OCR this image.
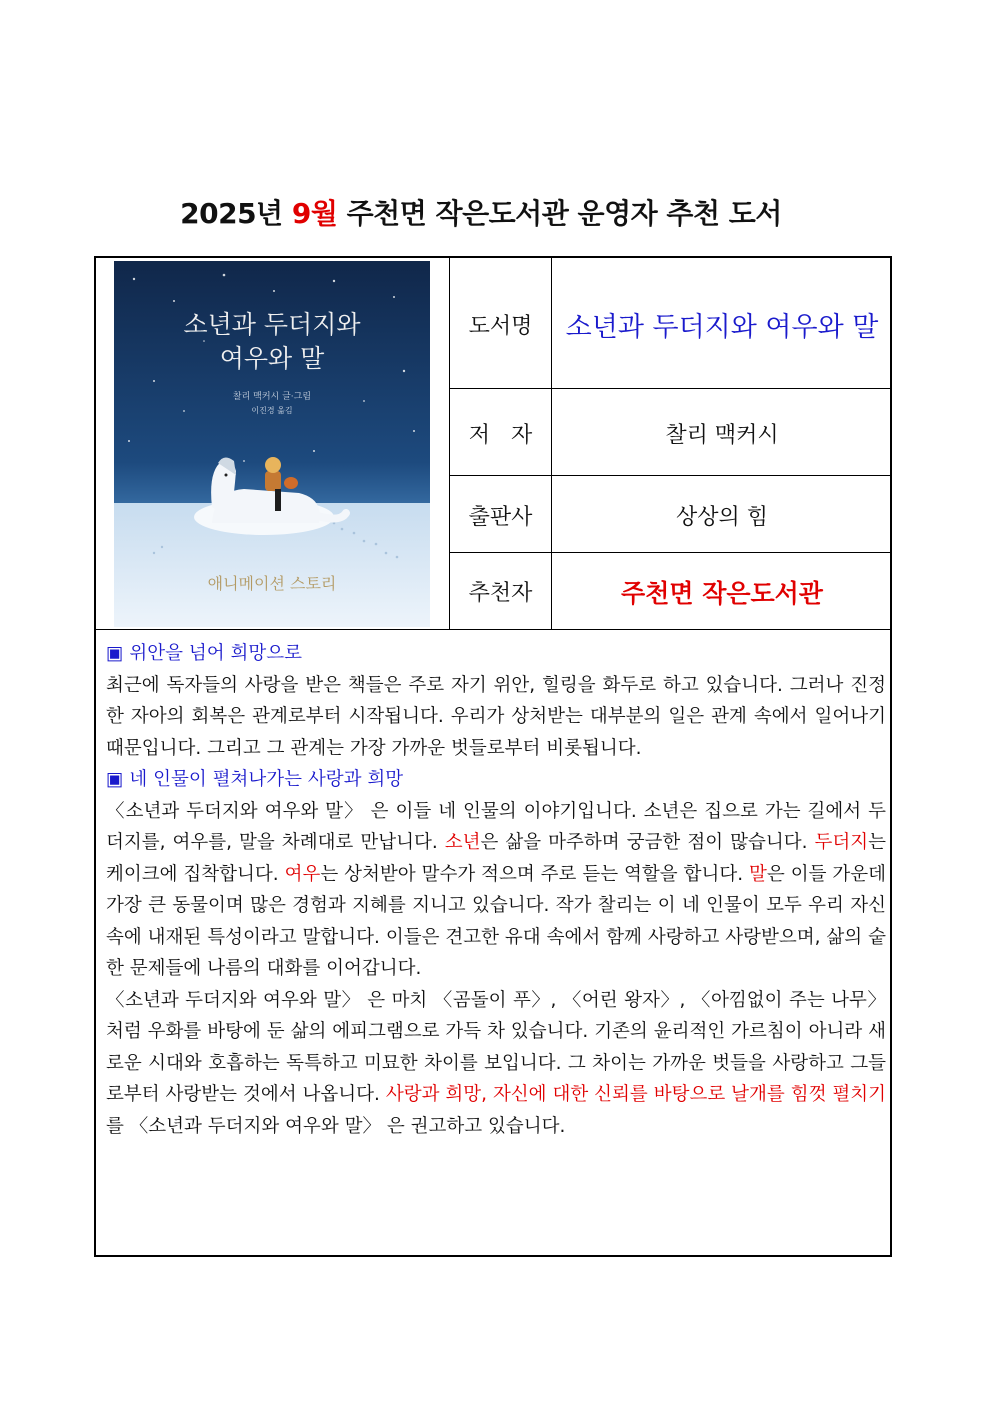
2025년 9월 주천면 작은도서관 운영자 추천 도서
소년과 두더지와
여우와 말
찰리 맥커시 글·그림
이진경 옮김
애니메이션 스토리
도서명	소년과 두더지와 여우와 말
저   자	찰리 맥커시
출판사	상상의 힘
추천자	주천면 작은도서관
▣ 위안을 넘어 희망으로
최근에 독자들의 사랑을 받은 책들은 주로 자기 위안, 힐링을 화두로 하고 있습니다. 그러나 진정한 자아의 회복은 관계로부터 시작됩니다. 우리가 상처받는 대부분의 일은 관계 속에서 일어나기 때문입니다. 그리고 그 관계는 가장 가까운 벗들로부터 비롯됩니다.
▣ 네 인물이 펼쳐나가는 사랑과 희망
〈소년과 두더지와 여우와 말〉 은 이들 네 인물의 이야기입니다. 소년은 집으로 가는 길에서 두더지를, 여우를, 말을 차례대로 만납니다. 소년은 삶을 마주하며 궁금한 점이 많습니다. 두더지는 케이크에 집착합니다. 여우는 상처받아 말수가 적으며 주로 듣는 역할을 합니다. 말은 이들 가운데 가장 큰 동물이며 많은 경험과 지혜를 지니고 있습니다. 작가 찰리는 이 네 인물이 모두 우리 자신 속에 내재된 특성이라고 말합니다. 이들은 견고한 유대 속에서 함께 사랑하고 사랑받으며, 삶의 숱한 문제들에 나름의 대화를 이어갑니다.
〈소년과 두더지와 여우와 말〉 은 마치 〈곰돌이 푸〉, 〈어린 왕자〉, 〈아낌없이 주는 나무〉 처럼 우화를 바탕에 둔 삶의 에피그램으로 가득 차 있습니다. 기존의 윤리적인 가르침이 아니라 새로운 시대와 호흡하는 독특하고 미묘한 차이를 보입니다. 그 차이는 가까운 벗들을 사랑하고 그들로부터 사랑받는 것에서 나옵니다. 사랑과 희망, 자신에 대한 신뢰를 바탕으로 날개를 힘껏 펼치기를 〈소년과 두더지와 여우와 말〉 은 권고하고 있습니다.
